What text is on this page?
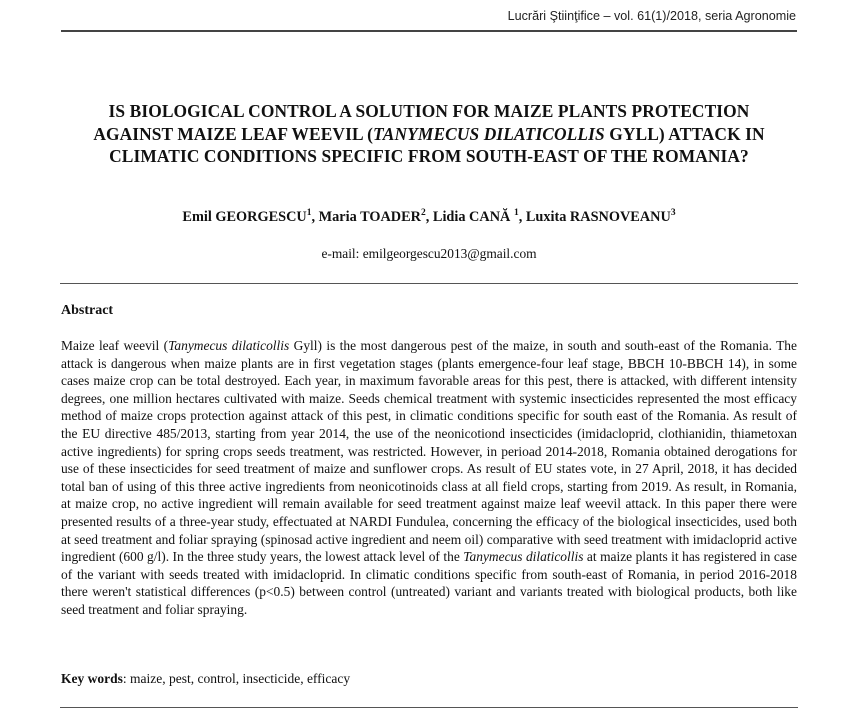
Lucrări Ştiinţifice – vol. 61(1)/2018, seria Agronomie
IS BIOLOGICAL CONTROL A SOLUTION FOR MAIZE PLANTS PROTECTION AGAINST MAIZE LEAF WEEVIL (TANYMECUS DILATICOLLIS GYLL) ATTACK IN CLIMATIC CONDITIONS SPECIFIC FROM SOUTH-EAST OF THE ROMANIA?
Emil GEORGESCU$^1$, Maria TOADER$^2$, Lidia CANĂ $^1$, Luxita RASNOVEANU$^3$
e-mail: emilgeorgescu2013@gmail.com
Abstract
Maize leaf weevil (Tanymecus dilaticollis Gyll) is the most dangerous pest of the maize, in south and south-east of the Romania. The attack is dangerous when maize plants are in first vegetation stages (plants emergence-four leaf stage, BBCH 10-BBCH 14), in some cases maize crop can be total destroyed. Each year, in maximum favorable areas for this pest, there is attacked, with different intensity degrees, one million hectares cultivated with maize. Seeds chemical treatment with systemic insecticides represented the most efficacy method of maize crops protection against attack of this pest, in climatic conditions specific for south east of the Romania. As result of the EU directive 485/2013, starting from year 2014, the use of the neonicotiond insecticides (imidacloprid, clothianidin, thiametoxan active ingredients) for spring crops seeds treatment, was restricted. However, in perioad 2014-2018, Romania obtained derogations for use of these insecticides for seed treatment of maize and sunflower crops. As result of EU states vote, in 27 April, 2018, it has decided total ban of using of this three active ingredients from neonicotinoids class at all field crops, starting from 2019. As result, in Romania, at maize crop, no active ingredient will remain available for seed treatment against maize leaf weevil attack. In this paper there were presented results of a three-year study, effectuated at NARDI Fundulea, concerning the efficacy of the biological insecticides, used both at seed treatment and foliar spraying (spinosad active ingredient and neem oil) comparative with seed treatment with imidacloprid active ingredient (600 g/l). In the three study years, the lowest attack level of the Tanymecus dilaticollis at maize plants it has registered in case of the variant with seeds treated with imidacloprid. In climatic conditions specific from south-east of Romania, in period 2016-2018 there weren't statistical differences (p<0.5) between control (untreated) variant and variants treated with biological products, both like seed treatment and foliar spraying.
Key words: maize, pest, control, insecticide, efficacy
